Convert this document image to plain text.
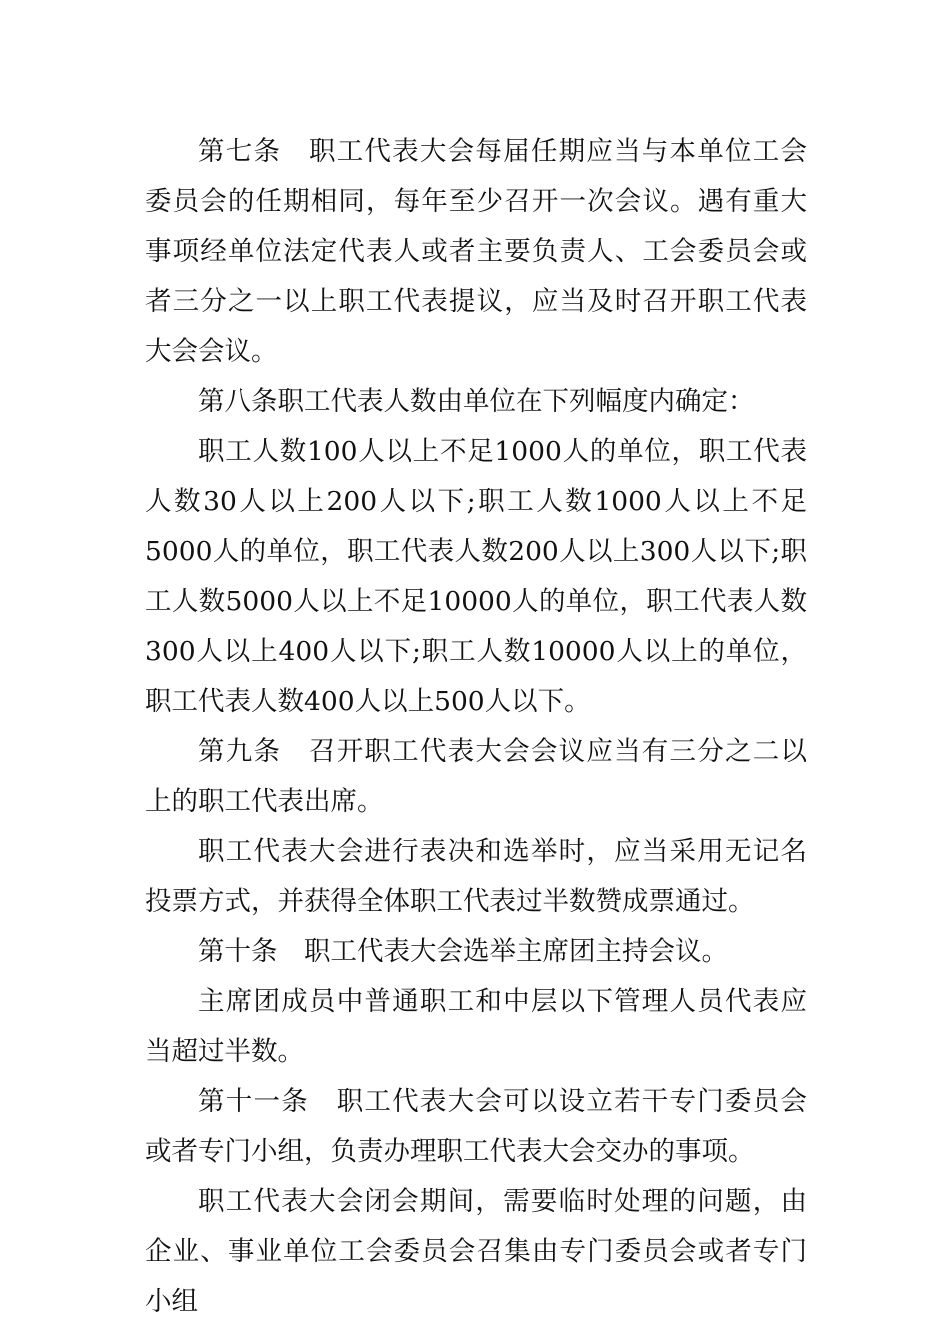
第七条　职工代表大会每届任期应当与本单位工会委员会的任期相同，每年至少召开一次会议。遇有重大事项经单位法定代表人或者主要负责人、工会委员会或者三分之一以上职工代表提议，应当及时召开职工代表大会会议。

第八条职工代表人数由单位在下列幅度内确定：

职工人数100人以上不足1000人的单位，职工代表人数30人以上200人以下;职工人数1000人以上不足5000人的单位，职工代表人数200人以上300人以下;职工人数5000人以上不足10000人的单位，职工代表人数300人以上400人以下;职工人数10000人以上的单位，职工代表人数400人以上500人以下。

第九条　召开职工代表大会会议应当有三分之二以上的职工代表出席。

职工代表大会进行表决和选举时，应当采用无记名投票方式，并获得全体职工代表过半数赞成票通过。

第十条　职工代表大会选举主席团主持会议。

主席团成员中普通职工和中层以下管理人员代表应当超过半数。

第十一条　职工代表大会可以设立若干专门委员会或者专门小组，负责办理职工代表大会交办的事项。

职工代表大会闭会期间，需要临时处理的问题，由企业、事业单位工会委员会召集由专门委员会或者专门小组
